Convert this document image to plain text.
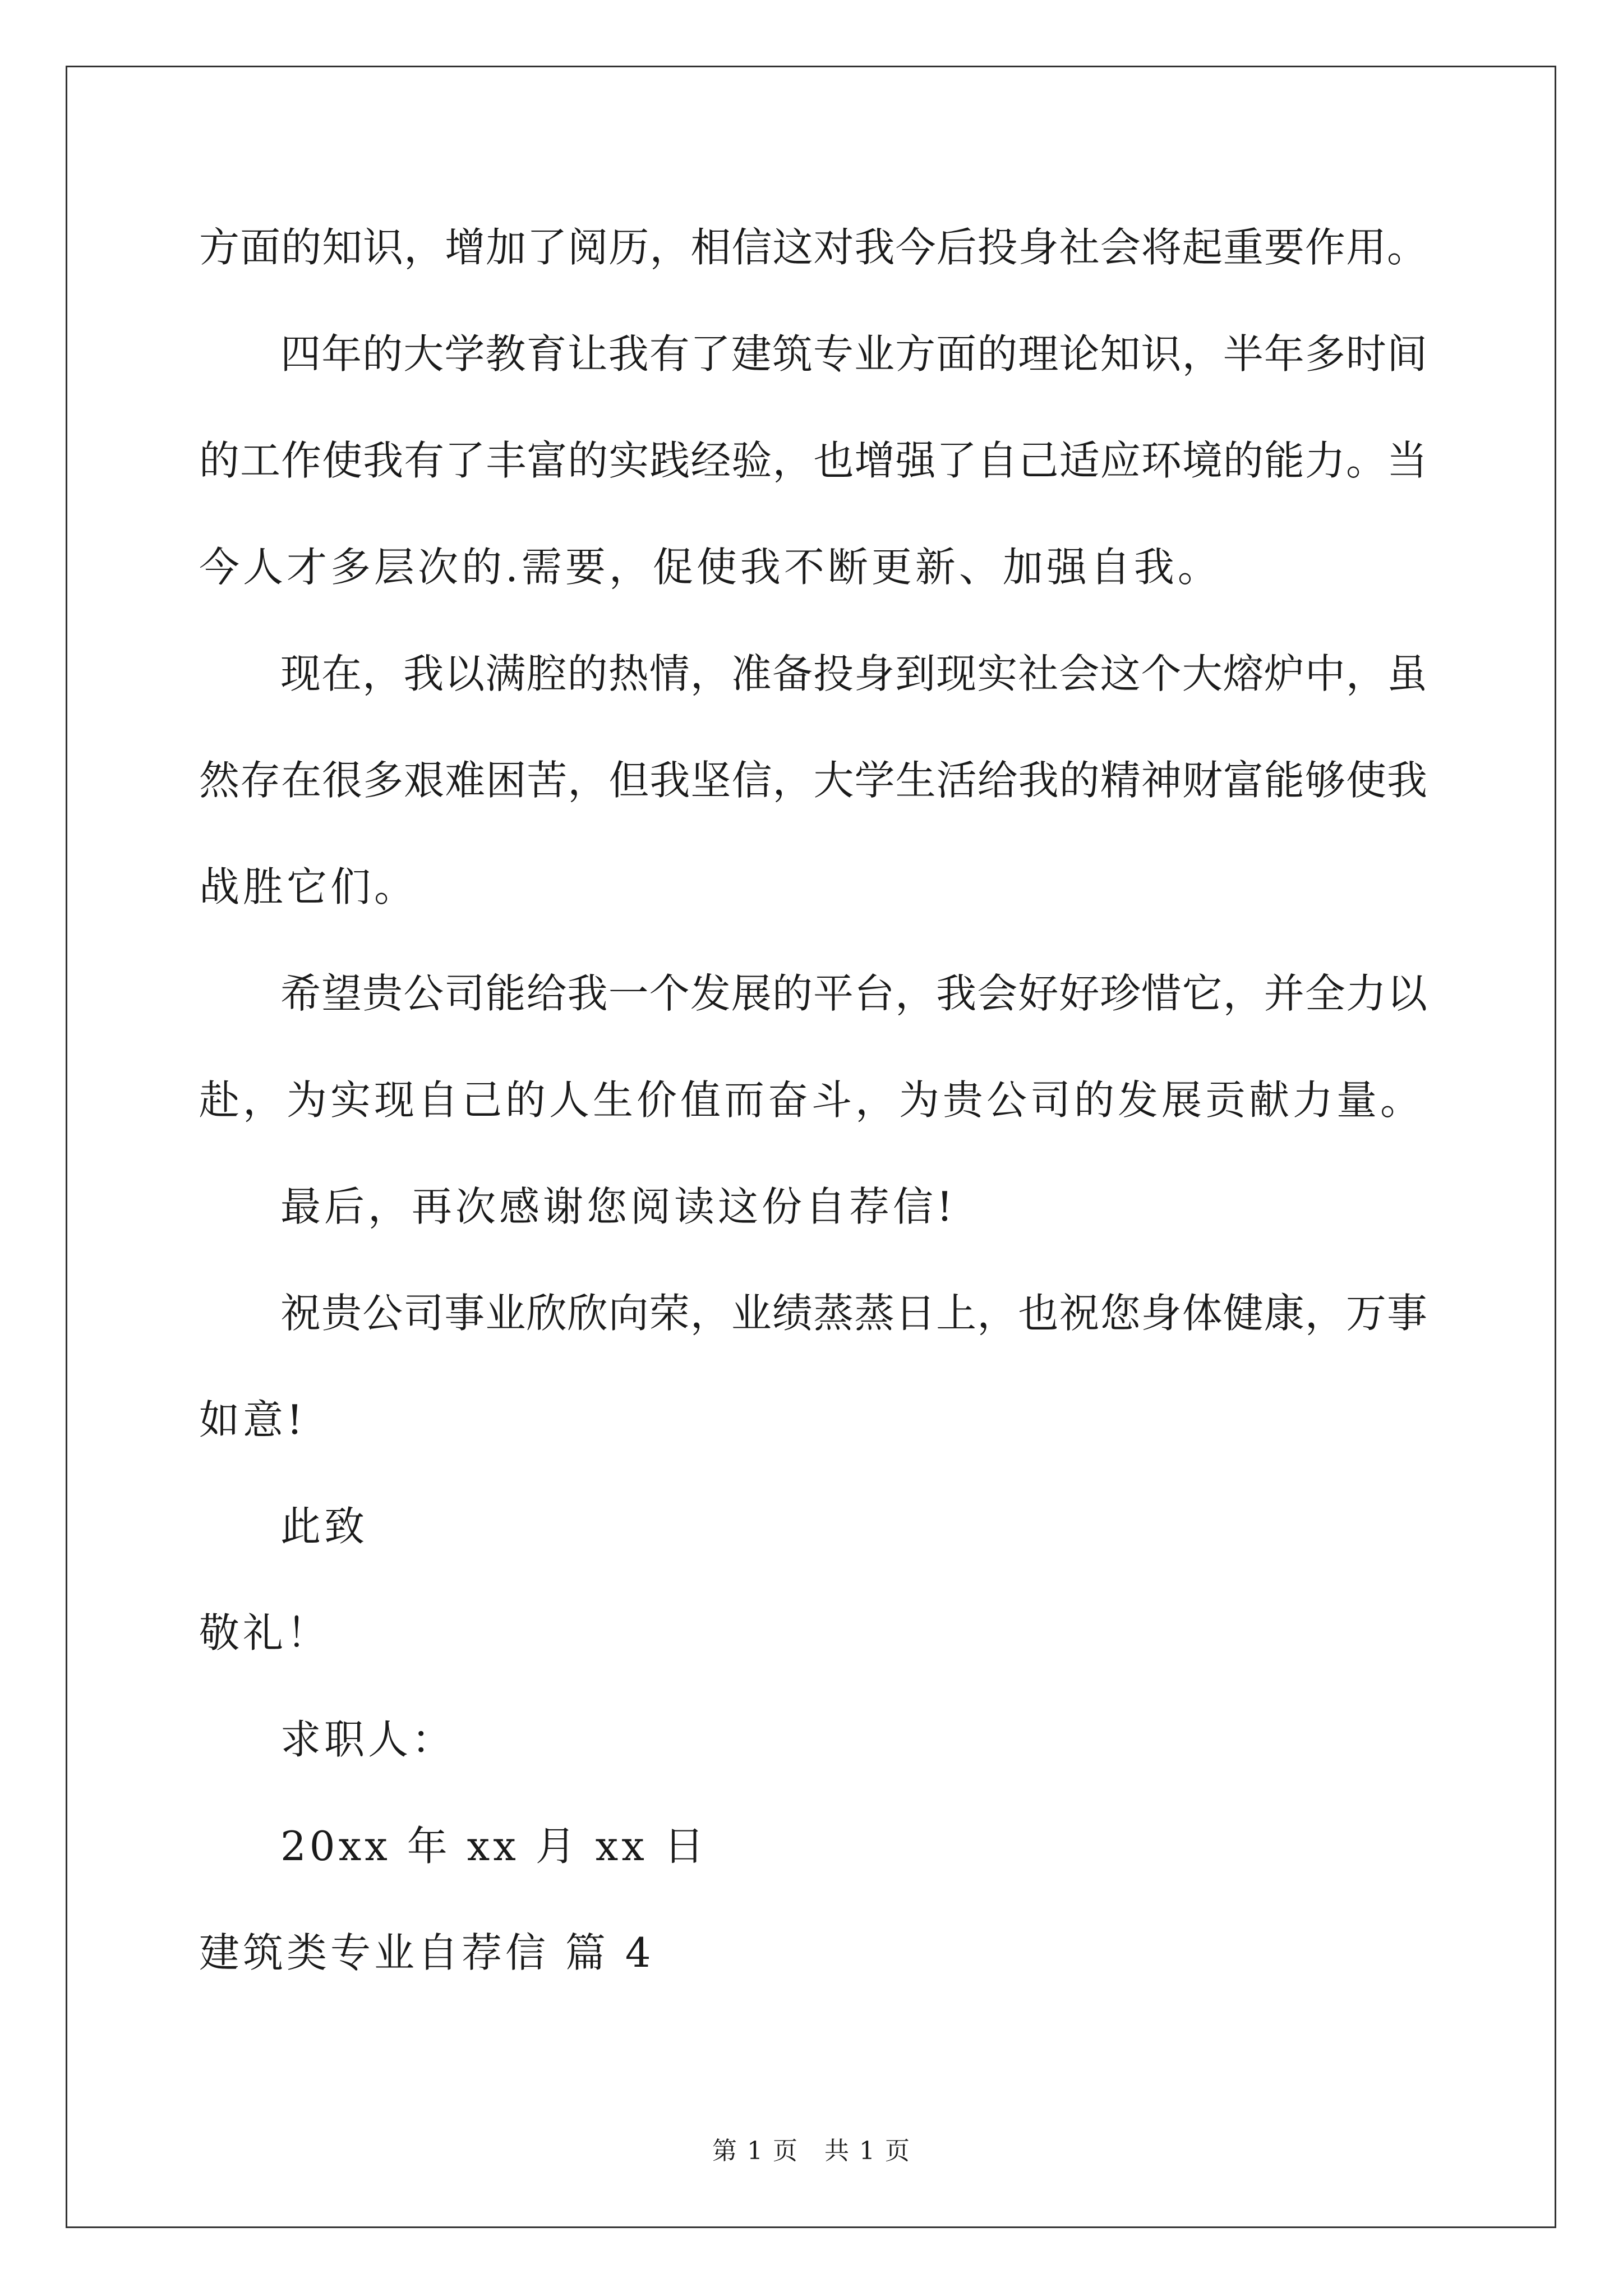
方面的知识，增加了阅历，相信这对我今后投身社会将起重要作用。
四年的大学教育让我有了建筑专业方面的理论知识，半年多时间
的工作使我有了丰富的实践经验，也增强了自己适应环境的能力。当
今人才多层次的.需要，促使我不断更新、加强自我。
现在，我以满腔的热情，准备投身到现实社会这个大熔炉中，虽
然存在很多艰难困苦，但我坚信，大学生活给我的精神财富能够使我
战胜它们。
希望贵公司能给我一个发展的平台，我会好好珍惜它，并全力以
赴，为实现自己的人生价值而奋斗，为贵公司的发展贡献力量。
最后，再次感谢您阅读这份自荐信!
祝贵公司事业欣欣向荣，业绩蒸蒸日上，也祝您身体健康，万事
如意!
此致
敬礼！
求职人：
20xx 年 xx 月 xx 日
建筑类专业自荐信 篇 4
第 1 页　共 1 页
